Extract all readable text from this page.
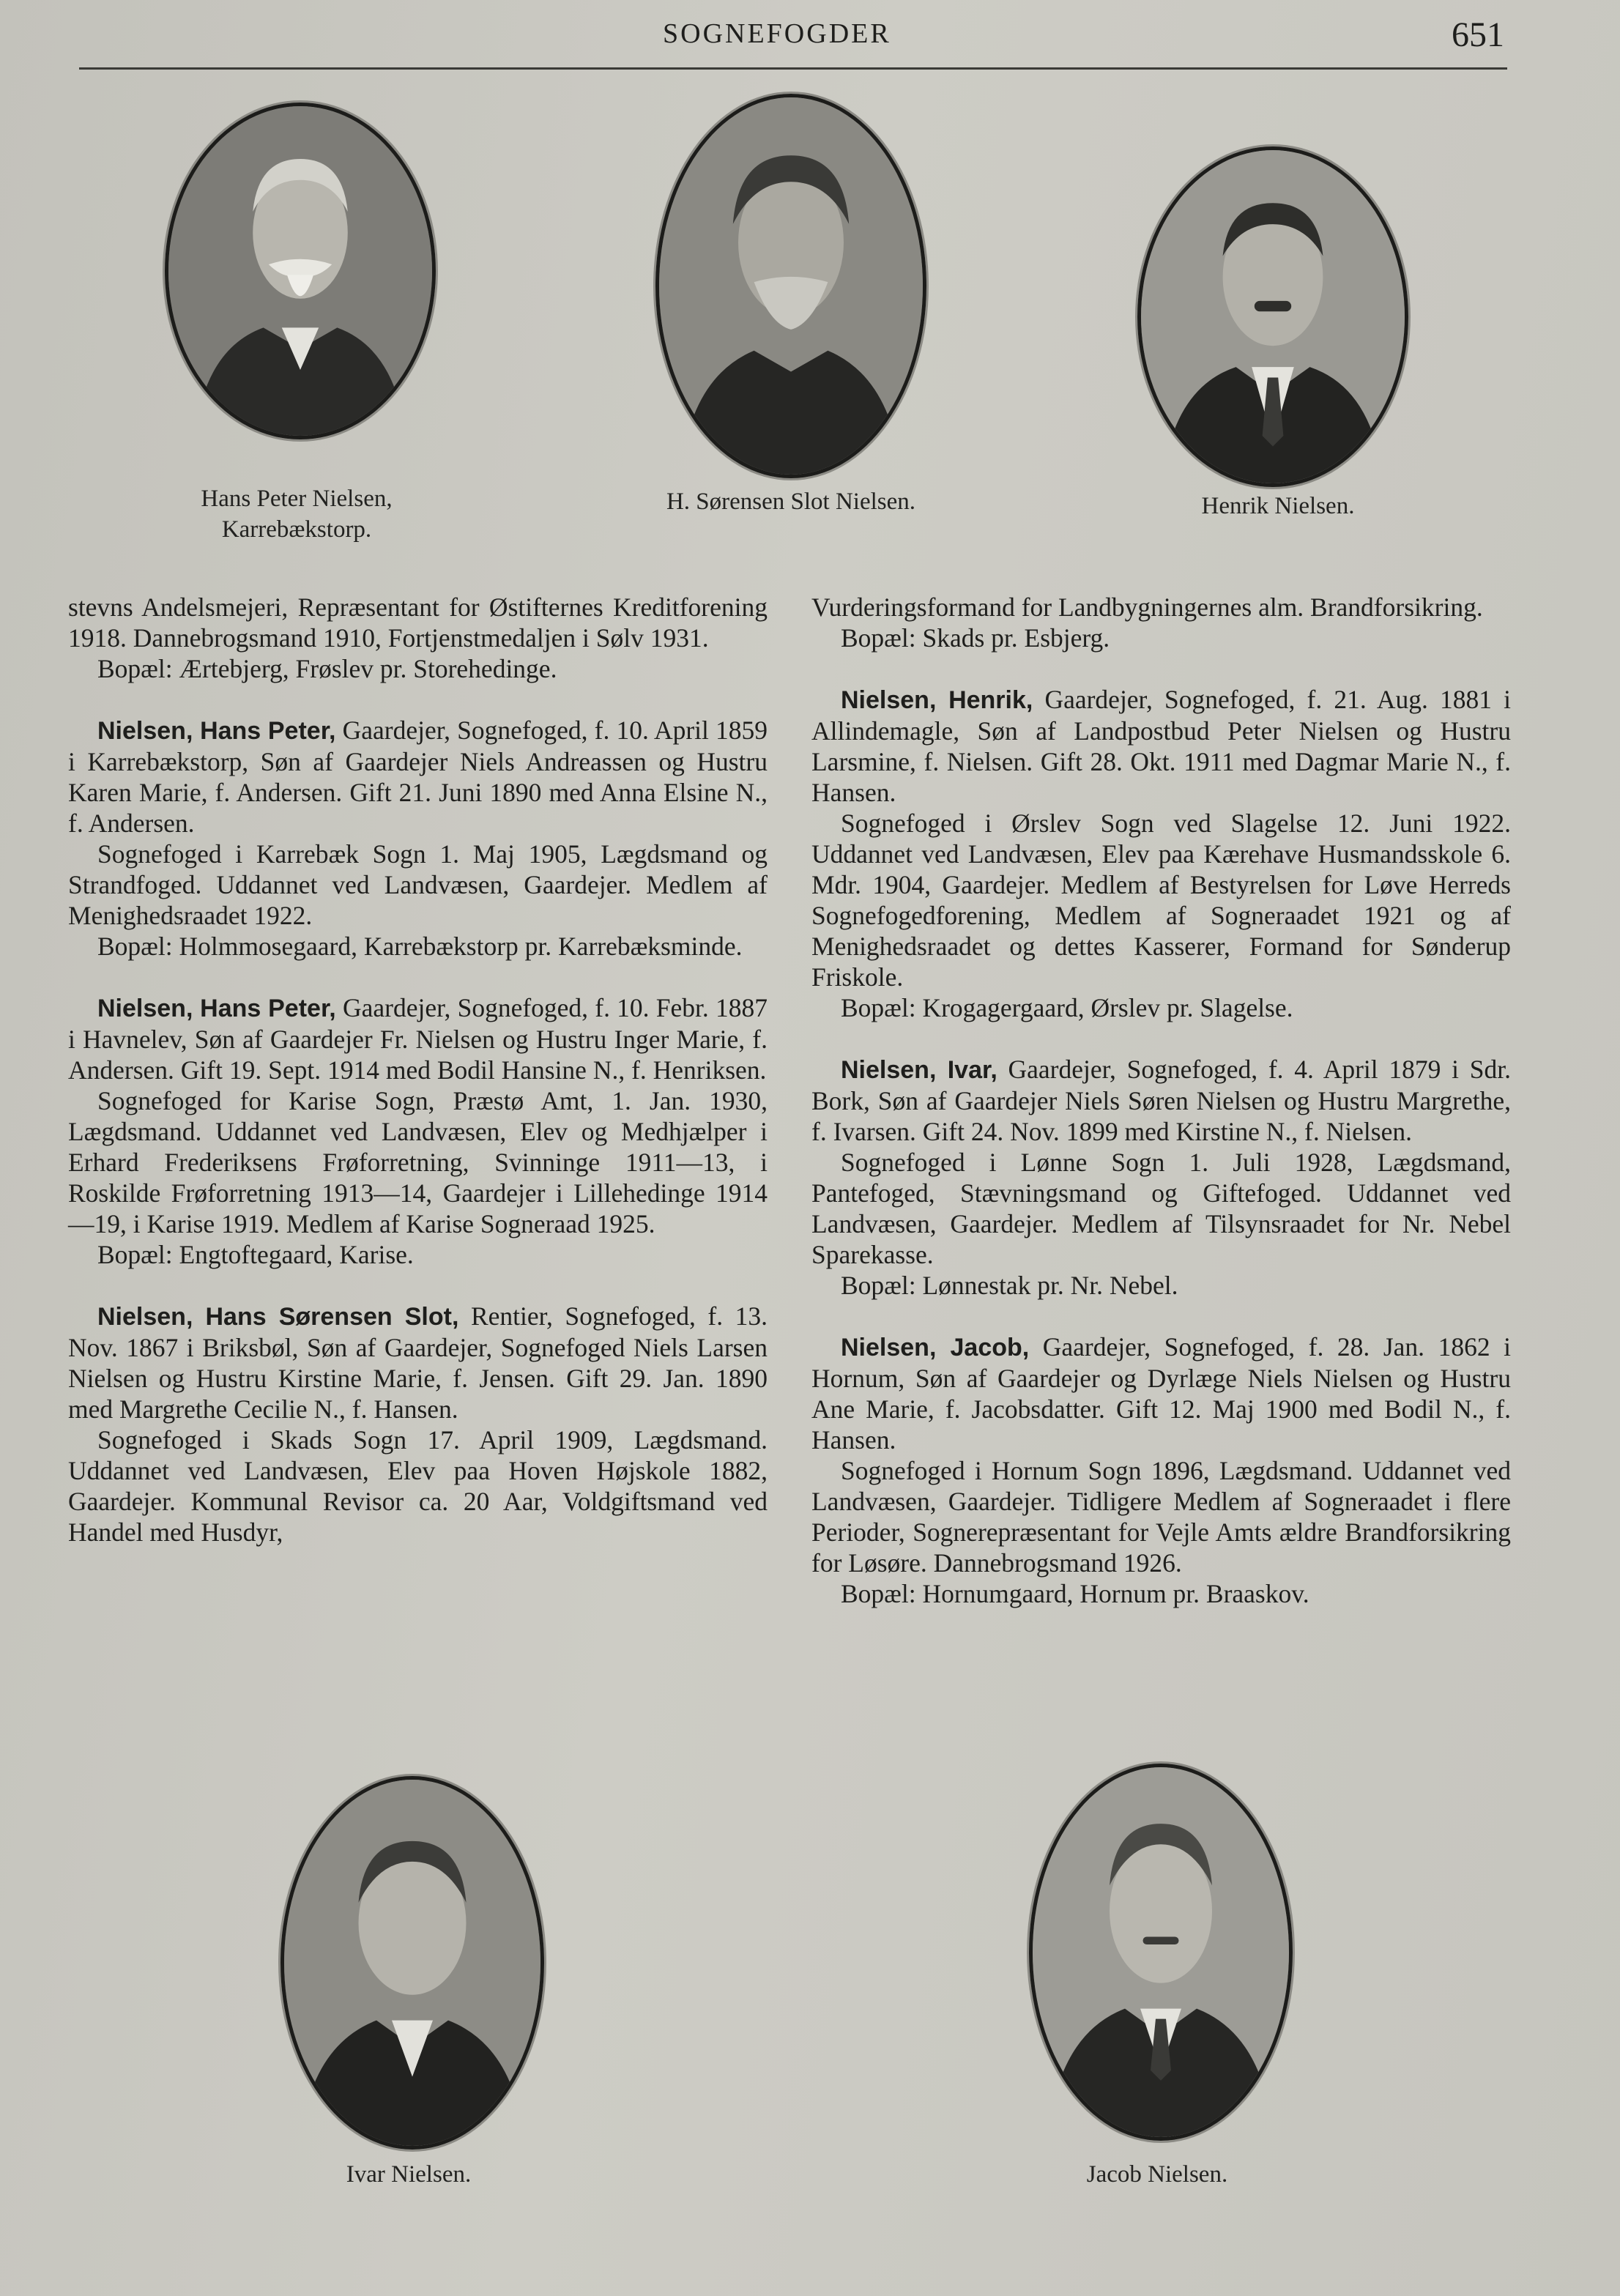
SOGNEFOGDER	651
Hans Peter Nielsen,
Karrebækstorp.
H. Sørensen Slot Nielsen.	Henrik Nielsen.

stevns Andelsmejeri, Repræsentant for Østifternes Kreditforening 1918. Dannebrogsmand 1910, Fortjenstmedaljen i Sølv 1931.

Bopæl: Ærtebjerg, Frøslev pr. Storehedinge.

Nielsen, Hans Peter, Gaardejer, Sognefoged, f. 10. April 1859 i Karrebækstorp, Søn af Gaardejer Niels Andreassen og Hustru Karen Marie, f. Andersen. Gift 21. Juni 1890 med Anna Elsine N., f. Andersen.

Sognefoged i Karrebæk Sogn 1. Maj 1905, Lægdsmand og Strandfoged. Uddannet ved Landvæsen, Gaardejer. Medlem af Menighedsraadet 1922.

Bopæl: Holmmosegaard, Karrebækstorp pr. Karrebæksminde.

Nielsen, Hans Peter, Gaardejer, Sognefoged, f. 10. Febr. 1887 i Havnelev, Søn af Gaardejer Fr. Nielsen og Hustru Inger Marie, f. Andersen. Gift 19. Sept. 1914 med Bodil Hansine N., f. Henriksen.

Sognefoged for Karise Sogn, Præstø Amt, 1. Jan. 1930, Lægdsmand. Uddannet ved Landvæsen, Elev og Medhjælper i Erhard Frederiksens Frøforretning, Svinninge 1911—13, i Roskilde Frøforretning 1913—14, Gaardejer i Lillehedinge 1914—19, i Karise 1919. Medlem af Karise Sogneraad 1925.

Bopæl: Engtoftegaard, Karise.

Nielsen, Hans Sørensen Slot, Rentier, Sognefoged, f. 13. Nov. 1867 i Briksbøl, Søn af Gaardejer, Sognefoged Niels Larsen Nielsen og Hustru Kirstine Marie, f. Jensen. Gift 29. Jan. 1890 med Margrethe Cecilie N., f. Hansen.

Sognefoged i Skads Sogn 17. April 1909, Lægdsmand. Uddannet ved Landvæsen, Elev paa Hoven Højskole 1882, Gaardejer. Kommunal Revisor ca. 20 Aar, Voldgiftsmand ved Handel med Husdyr,

Vurderingsformand for Landbygningernes alm. Brandforsikring.

Bopæl: Skads pr. Esbjerg.

Nielsen, Henrik, Gaardejer, Sognefoged, f. 21. Aug. 1881 i Allindemagle, Søn af Landpostbud Peter Nielsen og Hustru Larsmine, f. Nielsen. Gift 28. Okt. 1911 med Dagmar Marie N., f. Hansen.

Sognefoged i Ørslev Sogn ved Slagelse 12. Juni 1922. Uddannet ved Landvæsen, Elev paa Kærehave Husmandsskole 6. Mdr. 1904, Gaardejer. Medlem af Bestyrelsen for Løve Herreds Sognefogedforening, Medlem af Sogneraadet 1921 og af Menighedsraadet og dettes Kasserer, Formand for Sønderup Friskole.

Bopæl: Krogagergaard, Ørslev pr. Slagelse.

Nielsen, Ivar, Gaardejer, Sognefoged, f. 4. April 1879 i Sdr. Bork, Søn af Gaardejer Niels Søren Nielsen og Hustru Margrethe, f. Ivarsen. Gift 24. Nov. 1899 med Kirstine N., f. Nielsen.

Sognefoged i Lønne Sogn 1. Juli 1928, Lægdsmand, Pantefoged, Stævningsmand og Giftefoged. Uddannet ved Landvæsen, Gaardejer. Medlem af Tilsynsraadet for Nr. Nebel Sparekasse.

Bopæl: Lønnestak pr. Nr. Nebel.

Nielsen, Jacob, Gaardejer, Sognefoged, f. 28. Jan. 1862 i Hornum, Søn af Gaardejer og Dyrlæge Niels Nielsen og Hustru Ane Marie, f. Jacobsdatter. Gift 12. Maj 1900 med Bodil N., f. Hansen.

Sognefoged i Hornum Sogn 1896, Lægdsmand. Uddannet ved Landvæsen, Gaardejer. Tidligere Medlem af Sogneraadet i flere Perioder, Sognerepræsentant for Vejle Amts ældre Brandforsikring for Løsøre. Dannebrogsmand 1926.

Bopæl: Hornumgaard, Hornum pr. Braaskov.

Ivar Nielsen.	Jacob Nielsen.
